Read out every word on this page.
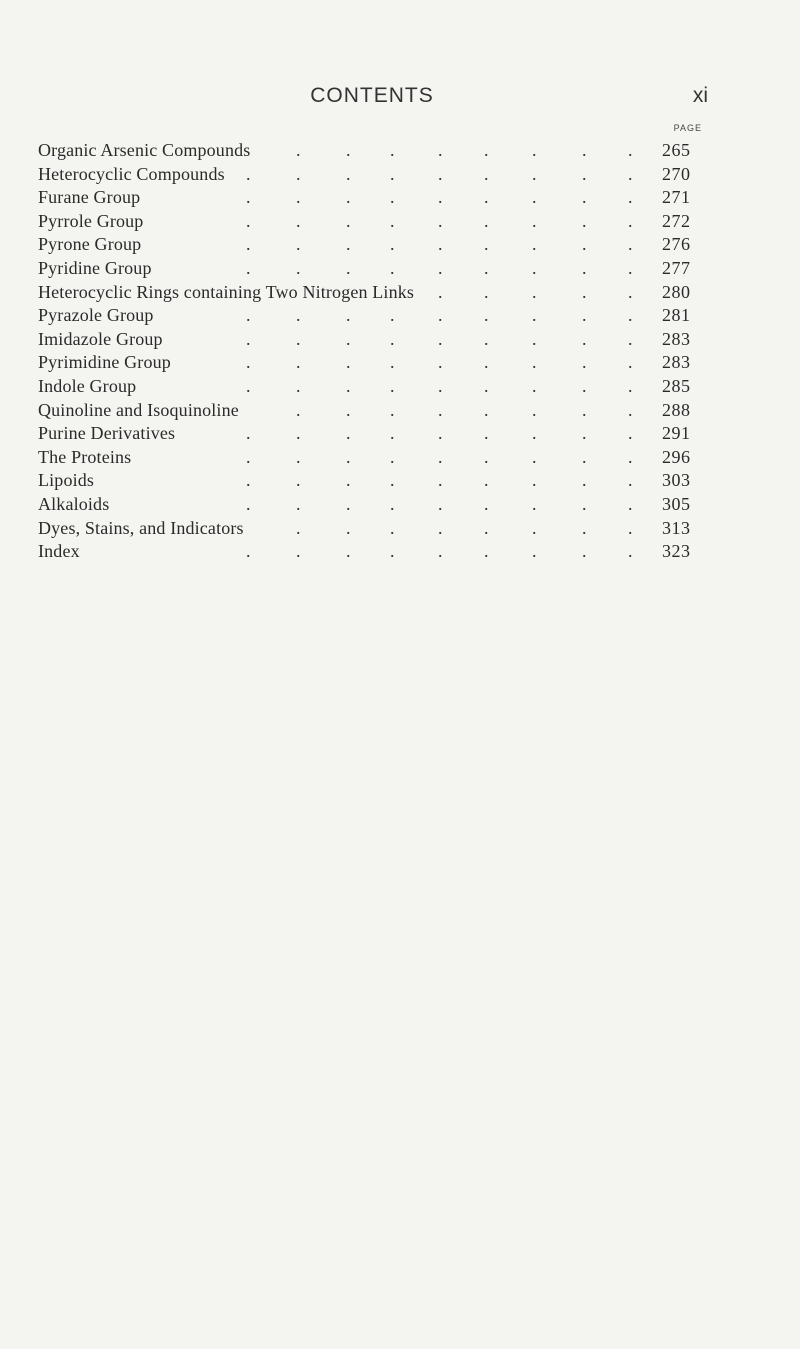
CONTENTS	xi
PAGE
.	. . . . .	. .
Organic Arsenic Compounds	265
.	.	. . . . .	. .
Heterocyclic Compounds	270
.	.	. . . . .	. .
Furane Group	271
.	.	. . . . .	. .
Pyrrole Group	272
.	.	. . . . .	. .
Pyrone Group	276
.	.	. . . . .	. .
Pyridine Group	277
. . .	. .
Heterocyclic Rings containing Two Nitrogen Links	280
.	.	. . . . .	. .
Pyrazole Group	281
.	.	. . . . .	. .
Imidazole Group	283
.	.	. . . . .	. .
Pyrimidine Group	283
.	.	. . . . .	. .
Indole Group	285
.	. . . . .	. .
Quinoline and Isoquinoline	288
.	.	. . . . .	. .
Purine Derivatives	291
.	.	. . . . .	. .
The Proteins	296
.	.	. . . . .	. .
Lipoids	303
.	.	. . . . .	. .
Alkaloids	305
.	. . . . .	. .
Dyes, Stains, and Indicators	313
.	.	. . . . .	. .
Index	323
